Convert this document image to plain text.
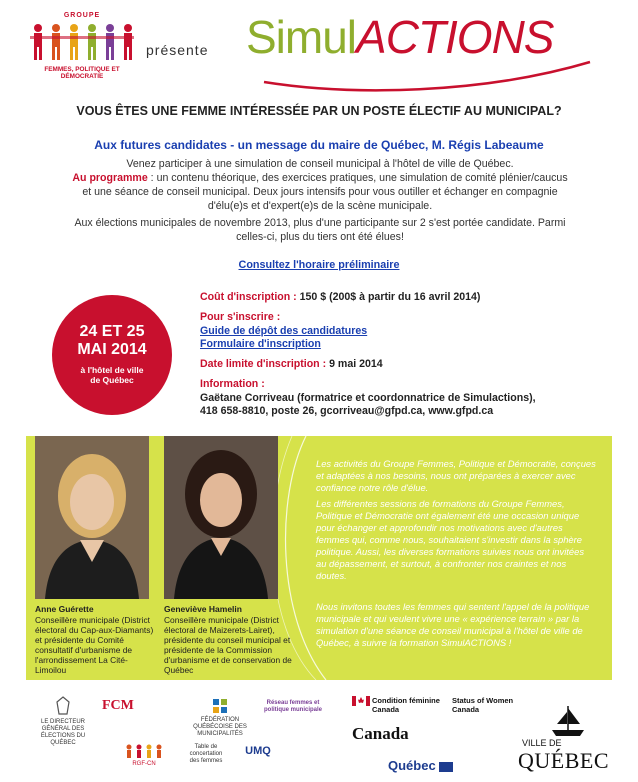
GROUPE
FEMMES, POLITIQUE ET DÉMOCRATIE
présente SimulACTIONS
VOUS ÊTES UNE FEMME INTÉRESSÉE PAR UN POSTE ÉLECTIF AU MUNICIPAL?
Aux futures candidates - un message du maire de Québec, M. Régis Labeaume
Venez participer à une simulation de conseil municipal à l'hôtel de ville de Québec.
Au programme : un contenu théorique, des exercices pratiques, une simulation de comité plénier/caucus et une séance de conseil municipal. Deux jours intensifs pour vous outiller et échanger en compagnie d'élu(e)s et d'expert(e)s de la scène municipale.
Aux élections municipales de novembre 2013, plus d'une participante sur 2 s'est portée candidate. Parmi celles-ci, plus du tiers ont été élues!
Consultez l'horaire préliminaire
24 ET 25
MAI 2014
à l'hôtel de ville
de Québec
Coût d'inscription : 150 $ (200$ à partir du 16 avril 2014)
Pour s'inscrire :
Guide de dépôt des candidatures
Formulaire d'inscription
Date limite d'inscription : 9 mai 2014
Information :
Gaëtane Corriveau (formatrice et coordonnatrice de Simulactions),
418 658-8810, poste 26, gcorriveau@gfpd.ca, www.gfpd.ca
Anne Guérette
Conseillère municipale (District électoral du Cap-aux-Diamants) et présidente du Comité consultatif d'urbanisme de l'arrondissement La Cité-Limoilou
Geneviève Hamelin
Conseillère municipale (District électoral de Maizerets-Lairet), présidente du conseil municipal et présidente de la Commission d'urbanisme et de conservation de Québec
Les activités du Groupe Femmes, Politique et Démocratie, conçues et adaptées à nos besoins, nous ont préparées à exercer avec confiance notre rôle d'élue.
Les différentes sessions de formations du Groupe Femmes, Politique et Démocratie ont également été une occasion unique pour échanger et approfondir nos motivations avec d'autres femmes qui, comme nous, souhaitaient s'investir dans la sphère politique. Aussi, les diverses formations suivies nous ont invitées au dépassement, et surtout, à confronter nos craintes et nos doutes.
Nous invitons toutes les femmes qui sentent l'appel de la politique municipale et qui veulent vivre une « expérience terrain » par la simulation d'une séance de conseil municipal à l'hôtel de ville de Québec, à suivre la formation SimulACTIONS !

LE DIRECTEUR GÉNÉRAL DES ÉLECTIONS DU QUÉBEC
FCM

FÉDÉRATION QUÉBÉCOISE DES MUNICIPALITÉS
Réseau femmes et politique municipale

RGF-CN
Table de concertation des femmes
UMQ
Condition féminine
Canada
Status of Women
Canada
Canada
Québec
VILLE DE
QUÉBEC
